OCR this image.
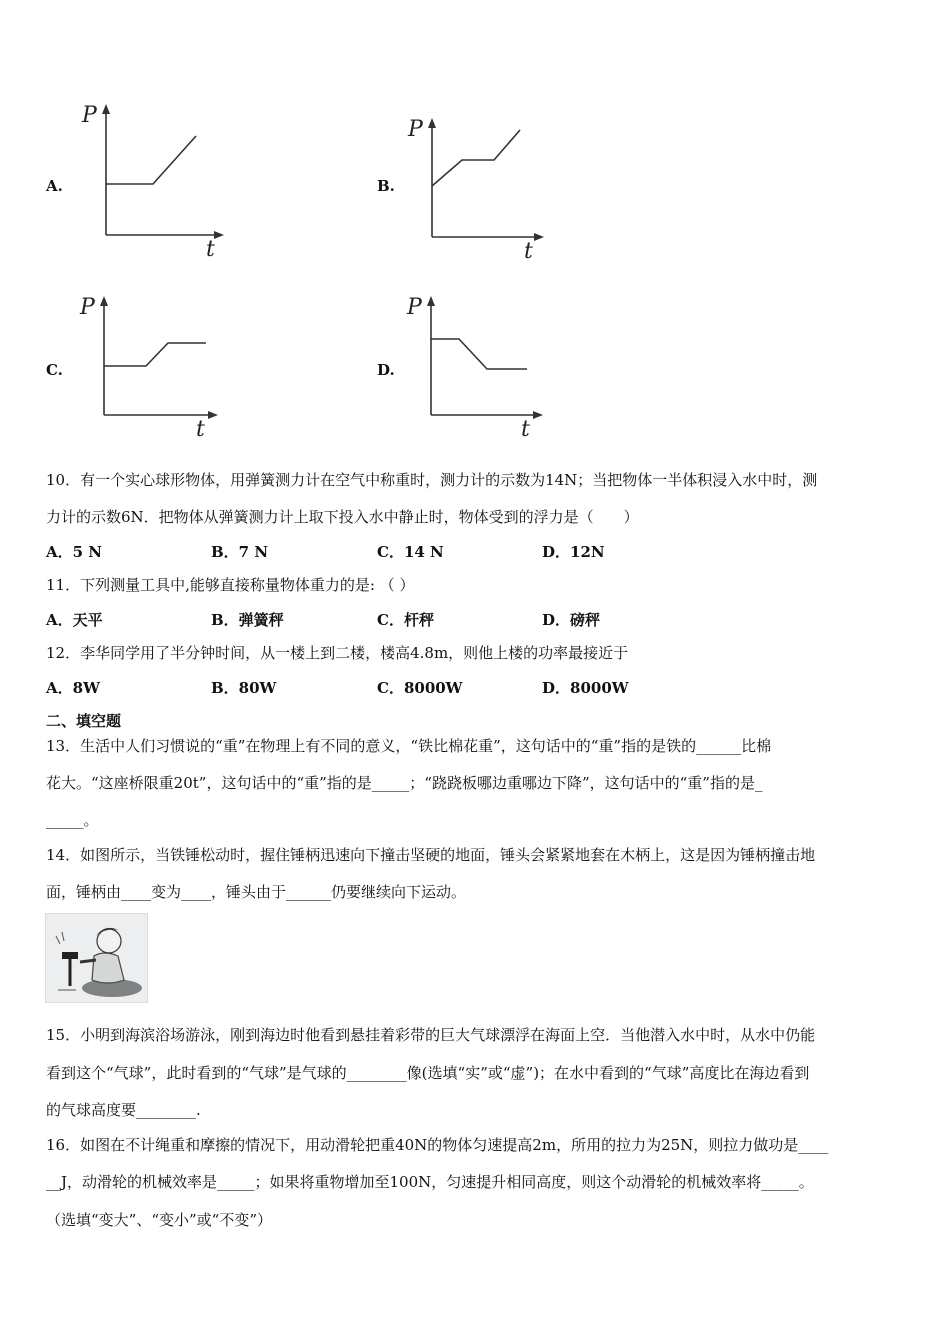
A.
P
t
B.
P
t
C.
P
t
D.
P
t
10．有一个实心球形物体，用弹簧测力计在空气中称重时，测力计的示数为14N；当把物体一半体积浸入水中时，测
力计的示数6N．把物体从弹簧测力计上取下投入水中静止时，物体受到的浮力是（　　）
A．5 N	B．7 N	C．14 N	D．12N
11．下列测量工具中,能够直接称量物体重力的是: （ ）
A．天平	B．弹簧秤	C．杆秤	D．磅秤
12．李华同学用了半分钟时间，从一楼上到二楼，楼高4.8m，则他上楼的功率最接近于
A．8W	B．80W	C．8000W	D．8000W
二、填空题
13．生活中人们习惯说的“重”在物理上有不同的意义，“铁比棉花重”，这句话中的“重”指的是铁的______比棉
花大。“这座桥限重20t”，这句话中的“重”指的是_____；“跷跷板哪边重哪边下降”，这句话中的“重”指的是_
_____。
14．如图所示，当铁锤松动时，握住锤柄迅速向下撞击坚硬的地面，锤头会紧紧地套在木柄上，这是因为锤柄撞击地
面，锤柄由____变为____，锤头由于______仍要继续向下运动。
15．小明到海滨浴场游泳，刚到海边时他看到悬挂着彩带的巨大气球漂浮在海面上空．当他潜入水中时，从水中仍能
看到这个“气球”，此时看到的“气球”是气球的________像(选填“实”或“虚”)；在水中看到的“气球”高度比在海边看到
的气球高度要________.
16．如图在不计绳重和摩擦的情况下，用动滑轮把重40N的物体匀速提高2m，所用的拉力为25N，则拉力做功是____
__J，动滑轮的机械效率是_____；如果将重物增加至100N，匀速提升相同高度，则这个动滑轮的机械效率将_____。
（选填“变大”、“变小”或“不变”）
